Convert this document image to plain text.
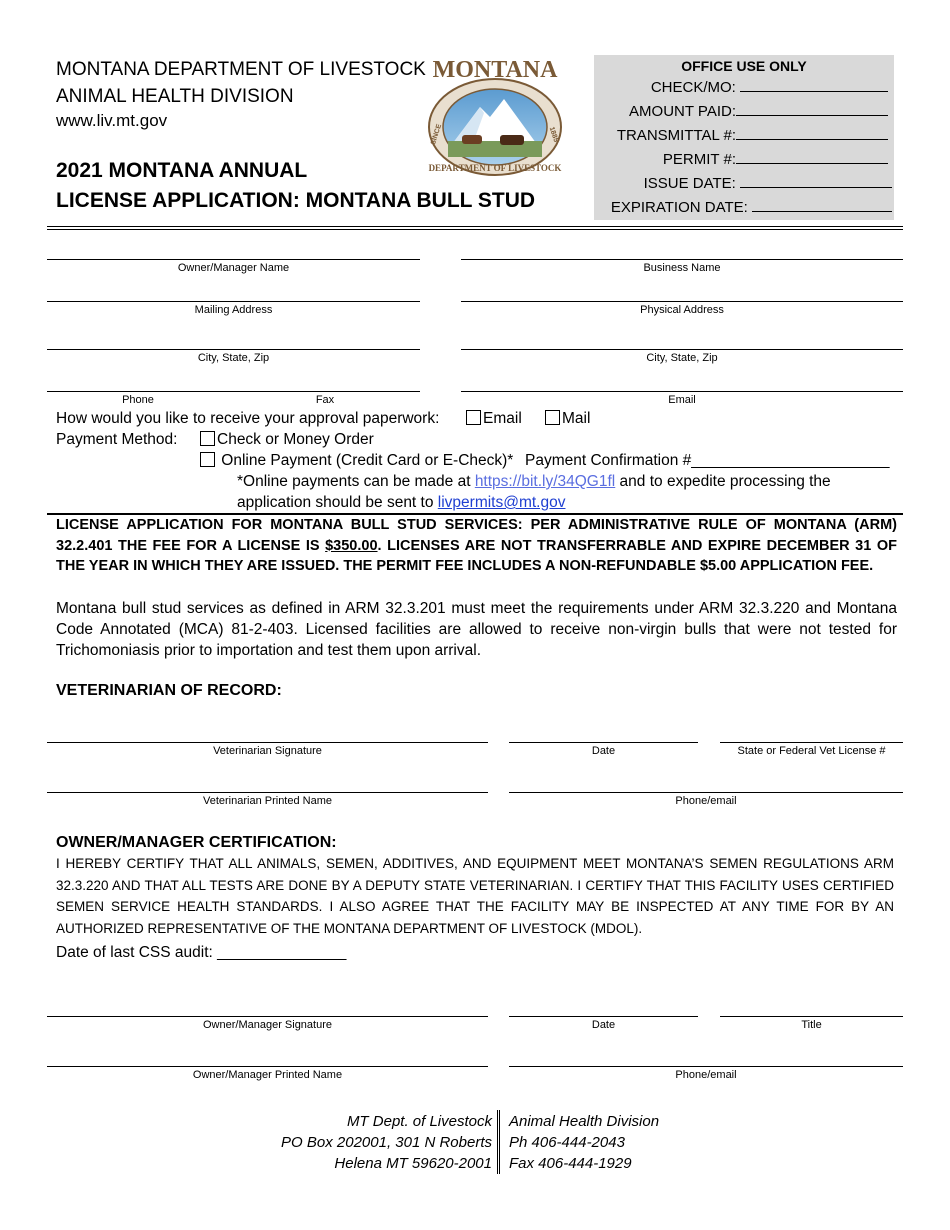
MONTANA DEPARTMENT OF LIVESTOCK
ANIMAL HEALTH DIVISION
www.liv.mt.gov
2021 MONTANA ANNUAL
LICENSE APPLICATION: MONTANA BULL STUD
MONTANA
SINCE	1885
DEPARTMENT OF LIVESTOCK
OFFICE USE ONLY
CHECK/MO:
AMOUNT PAID:
TRANSMITTAL #:
PERMIT #:
ISSUE DATE:
EXPIRATION DATE:
Owner/Manager Name	Business Name
Mailing Address	Physical Address
City, State, Zip	City, State, Zip
Phone	Fax	Email
How would you like to receive your approval paperwork:	Email	Mail
Payment Method:	Check or Money Order
Online Payment (Credit Card or E-Check)* Payment Confirmation #_______________________
*Online payments can be made at https://bit.ly/34QG1fl and to expedite processing the
application should be sent to livpermits@mt.gov
LICENSE APPLICATION FOR MONTANA BULL STUD SERVICES: PER ADMINISTRATIVE RULE OF MONTANA (ARM) 32.2.401 THE FEE FOR A LICENSE IS $350.00. LICENSES ARE NOT TRANSFERRABLE AND EXPIRE DECEMBER 31 OF THE YEAR IN WHICH THEY ARE ISSUED. THE PERMIT FEE INCLUDES A NON-REFUNDABLE $5.00 APPLICATION FEE.
Montana bull stud services as defined in ARM 32.3.201 must meet the requirements under ARM 32.3.220 and Montana Code Annotated (MCA) 81-2-403. Licensed facilities are allowed to receive non-virgin bulls that were not tested for Trichomoniasis prior to importation and test them upon arrival.
VETERINARIAN OF RECORD:
Veterinarian Signature	Date	State or Federal Vet License #
Veterinarian Printed Name	Phone/email
OWNER/MANAGER CERTIFICATION:
I HEREBY CERTIFY THAT ALL ANIMALS, SEMEN, ADDITIVES, AND EQUIPMENT MEET MONTANA’S SEMEN REGULATIONS ARM 32.3.220 AND THAT ALL TESTS ARE DONE BY A DEPUTY STATE VETERINARIAN. I CERTIFY THAT THIS FACILITY USES CERTIFIED SEMEN SERVICE HEALTH STANDARDS. I ALSO AGREE THAT THE FACILITY MAY BE INSPECTED AT ANY TIME FOR BY AN AUTHORIZED REPRESENTATIVE OF THE MONTANA DEPARTMENT OF LIVESTOCK (MDOL).
Date of last CSS audit: _______________
Owner/Manager Signature	Date	Title
Owner/Manager Printed Name	Phone/email
MT Dept. of Livestock
PO Box 202001, 301 N Roberts
Helena MT 59620-2001
Animal Health Division
Ph 406-444-2043
Fax 406-444-1929
